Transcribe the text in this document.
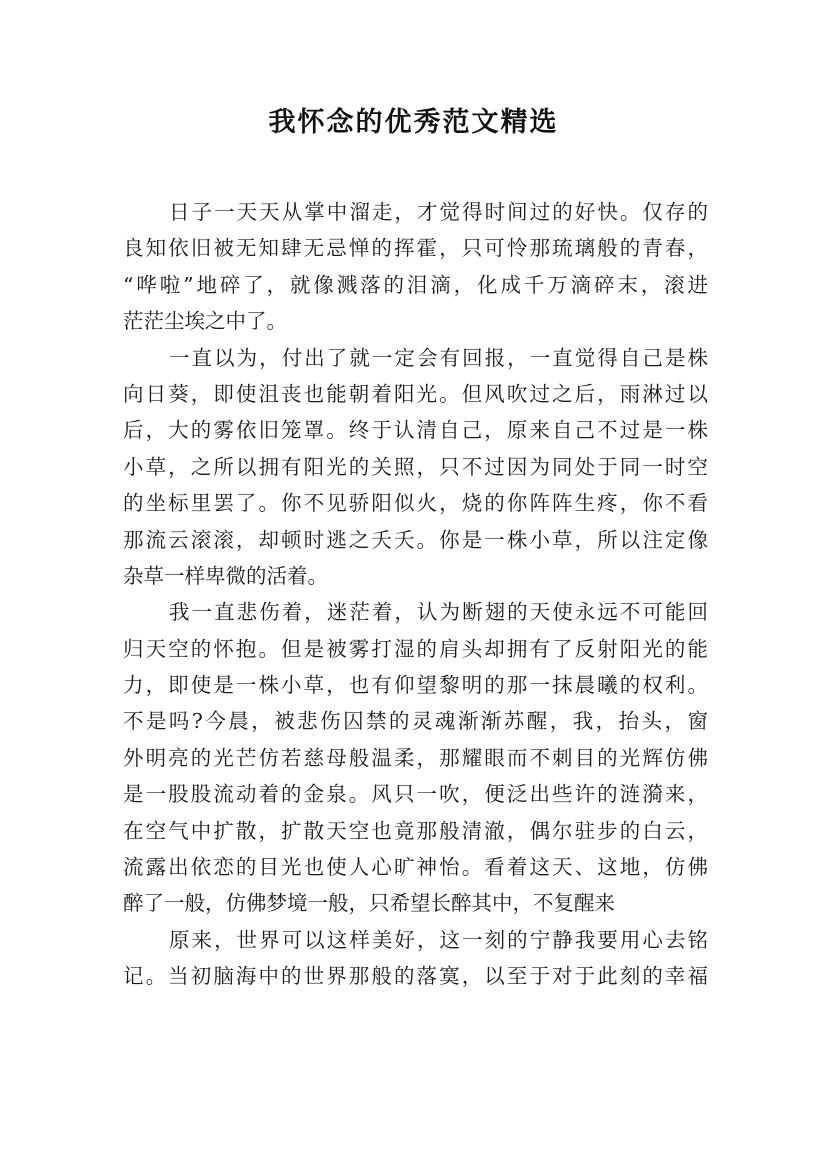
我怀念的优秀范文精选
日子一天天从掌中溜走，才觉得时间过的好快。仅存的
良知依旧被无知肆无忌惮的挥霍，只可怜那琉璃般的青春，
“哗啦”地碎了，就像溅落的泪滴，化成千万滴碎末，滚进
茫茫尘埃之中了。
一直以为，付出了就一定会有回报，一直觉得自己是株
向日葵，即使沮丧也能朝着阳光。但风吹过之后，雨淋过以
后，大的雾依旧笼罩。终于认清自己，原来自己不过是一株
小草，之所以拥有阳光的关照，只不过因为同处于同一时空
的坐标里罢了。你不见骄阳似火，烧的你阵阵生疼，你不看
那流云滚滚，却顿时逃之夭夭。你是一株小草，所以注定像
杂草一样卑微的活着。
我一直悲伤着，迷茫着，认为断翅的天使永远不可能回
归天空的怀抱。但是被雾打湿的肩头却拥有了反射阳光的能
力，即使是一株小草，也有仰望黎明的那一抹晨曦的权利。
不是吗?今晨，被悲伤囚禁的灵魂渐渐苏醒，我，抬头，窗
外明亮的光芒仿若慈母般温柔，那耀眼而不刺目的光辉仿佛
是一股股流动着的金泉。风只一吹，便泛出些许的涟漪来，
在空气中扩散，扩散天空也竟那般清澈，偶尔驻步的白云，
流露出依恋的目光也使人心旷神怡。看着这天、这地，仿佛
醉了一般，仿佛梦境一般，只希望长醉其中，不复醒来
原来，世界可以这样美好，这一刻的宁静我要用心去铭
记。当初脑海中的世界那般的落寞，以至于对于此刻的幸福
